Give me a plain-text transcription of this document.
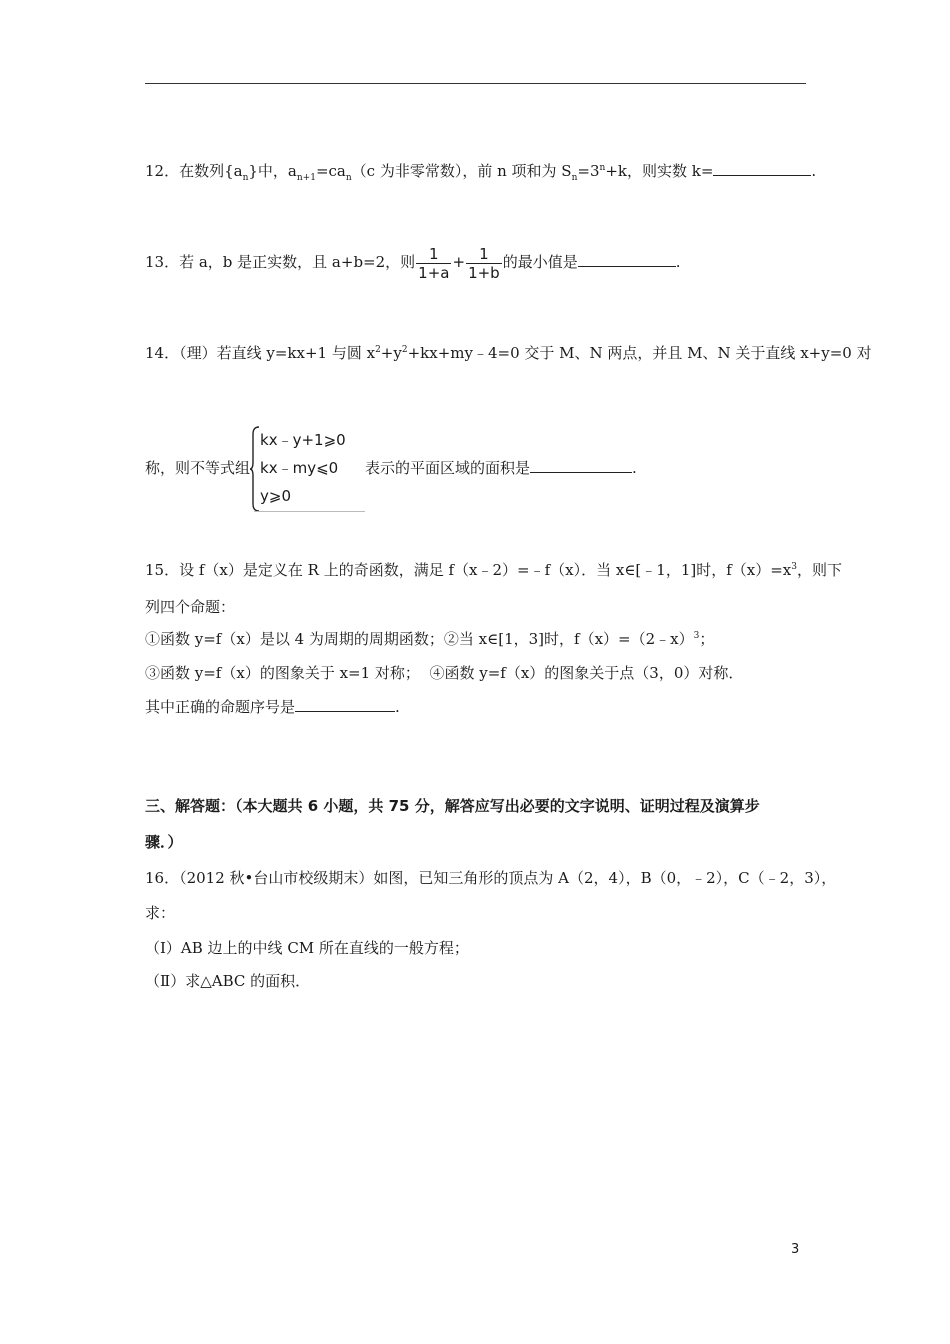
12．在数列$\{a_n\}$中，$a_{n+1}=ca_n(c$ 为非零常数），前 n 项和为 $S_n=3^n+k$，则实数 k=	.
13．若 a，b 是正实数，且 a+b=2，则 $\frac{1}{1+a} + \frac{1}{1+b}$ 的最小值是	.
14．（理）若直线 y=kx+1 与圆 $x^2+y^2+kx+my﹣4=0$ 交于 M、N 两点，并且 M、N 关于直线 x+y=0 对
称，则不等式组
kx﹣y+1⩾0
kx﹣my⩽0
y⩾0
表示的平面区域的面积是	.
15．设 f（x）是定义在 R 上的奇函数，满足 f（x﹣2）=﹣f（x）．当 x∈[﹣1，1]时，$f(x)=x^3$，则下
列四个命题：
①函数 y=f（x）是以 4 为周期的周期函数；②当 x∈[1，3]时，f（x）=（2﹣x）$^3$；
③函数 y=f（x）的图象关于 x=1 对称；  ④函数 y=f（x）的图象关于点（3，0）对称．
其中正确的命题序号是	.
三、解答题：（本大题共 6 小题，共 75 分，解答应写出必要的文字说明、证明过程及演算步
骤．）
16．（2012 秋•台山市校级期末）如图，已知三角形的顶点为 A（2，4），B（0，﹣2），C（﹣2，3），
求：
（Ⅰ）AB 边上的中线 CM 所在直线的一般方程；
（Ⅱ）求△ABC 的面积．
3
